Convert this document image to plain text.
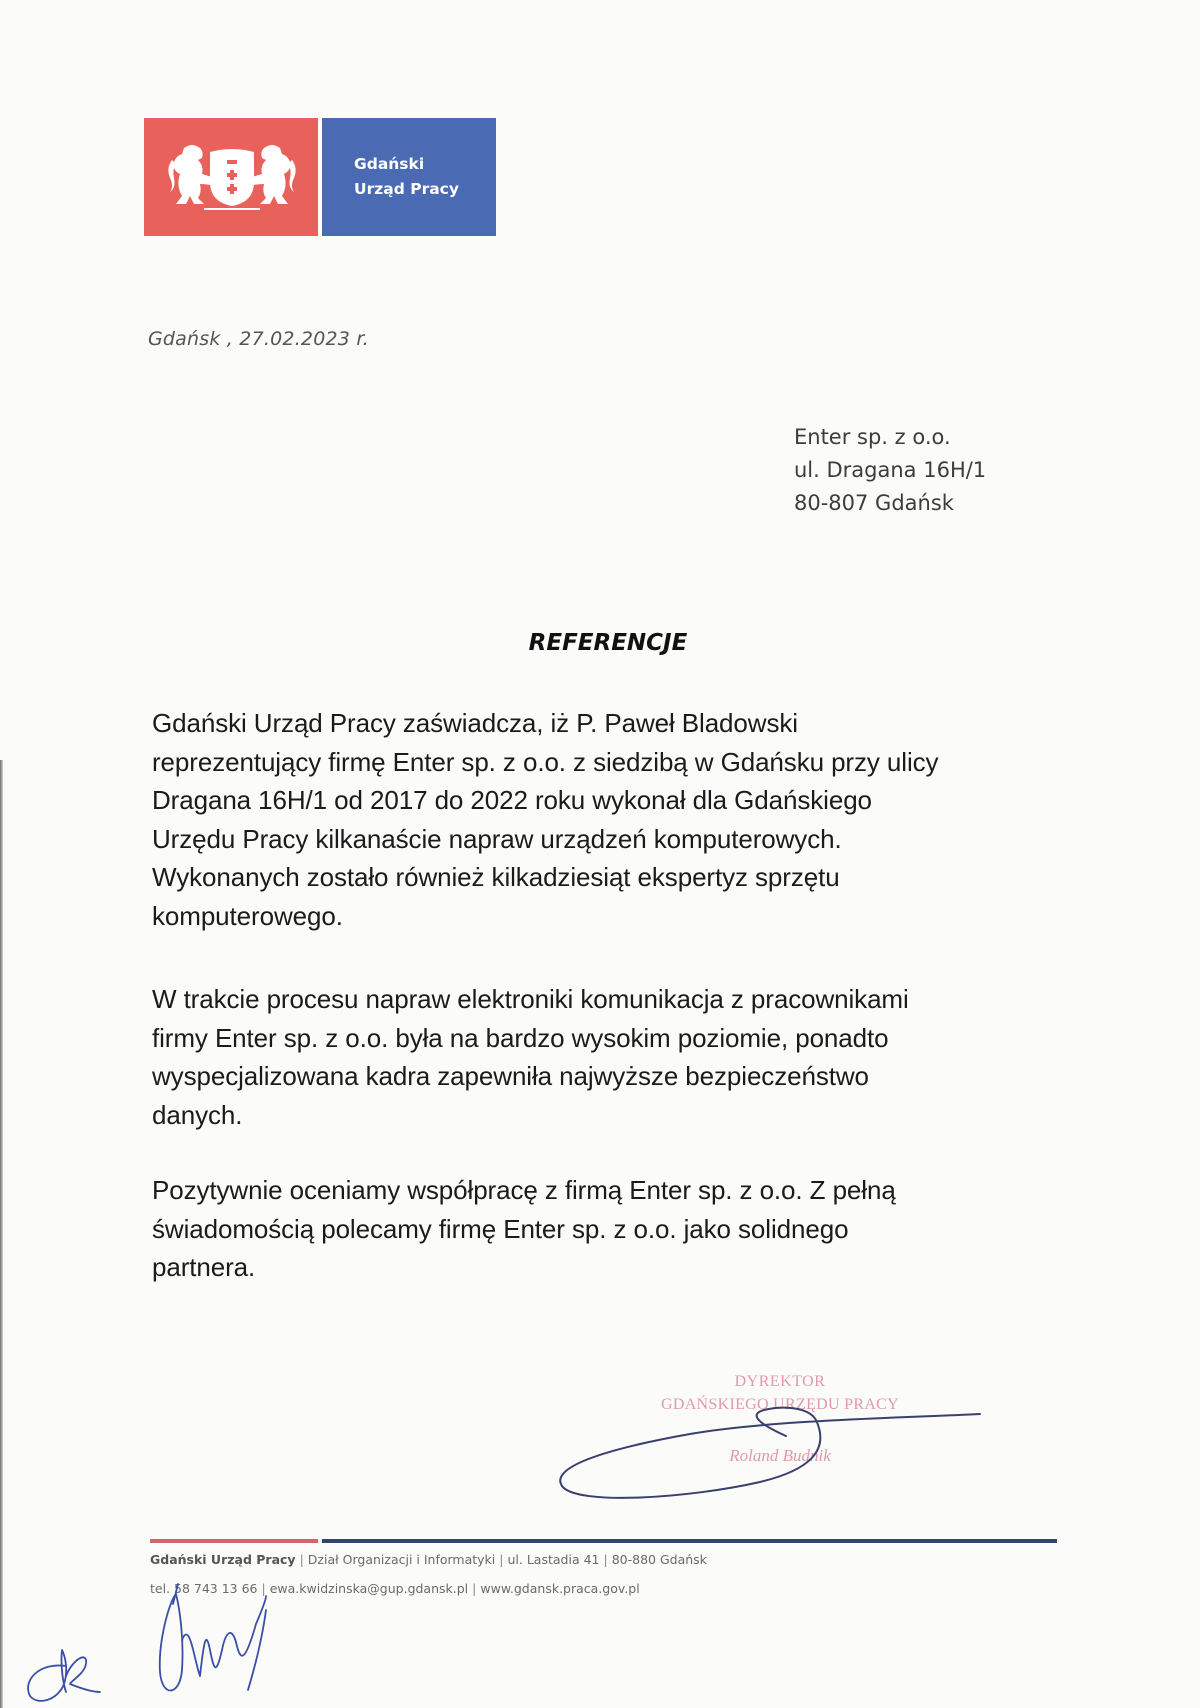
Gdański
Urząd Pracy
Gdańsk , 27.02.2023 r.
Enter sp. z o.o.
ul. Dragana 16H/1
80-807 Gdańsk
REFERENCJE
Gdański Urząd Pracy zaświadcza, iż P. Paweł Bladowski
reprezentujący firmę Enter sp. z o.o. z siedzibą w Gdańsku przy ulicy
Dragana 16H/1 od 2017 do 2022 roku wykonał dla Gdańskiego
Urzędu Pracy kilkanaście napraw urządzeń komputerowych.
Wykonanych zostało również kilkadziesiąt ekspertyz sprzętu
komputerowego.
W trakcie procesu napraw elektroniki komunikacja z pracownikami
firmy Enter sp. z o.o. była na bardzo wysokim poziomie, ponadto
wyspecjalizowana kadra zapewniła najwyższe bezpieczeństwo
danych.
Pozytywnie oceniamy współpracę z firmą Enter sp. z o.o. Z pełną
świadomością polecamy firmę Enter sp. z o.o. jako solidnego
partnera.
DYREKTOR
GDAŃSKIEGO URZĘDU PRACY
Roland Budnik
Gdański Urząd Pracy | Dział Organizacji i Informatyki | ul. Lastadia 41 | 80-880 Gdańsk
tel. 58 743 13 66 | ewa.kwidzinska@gup.gdansk.pl | www.gdansk.praca.gov.pl
